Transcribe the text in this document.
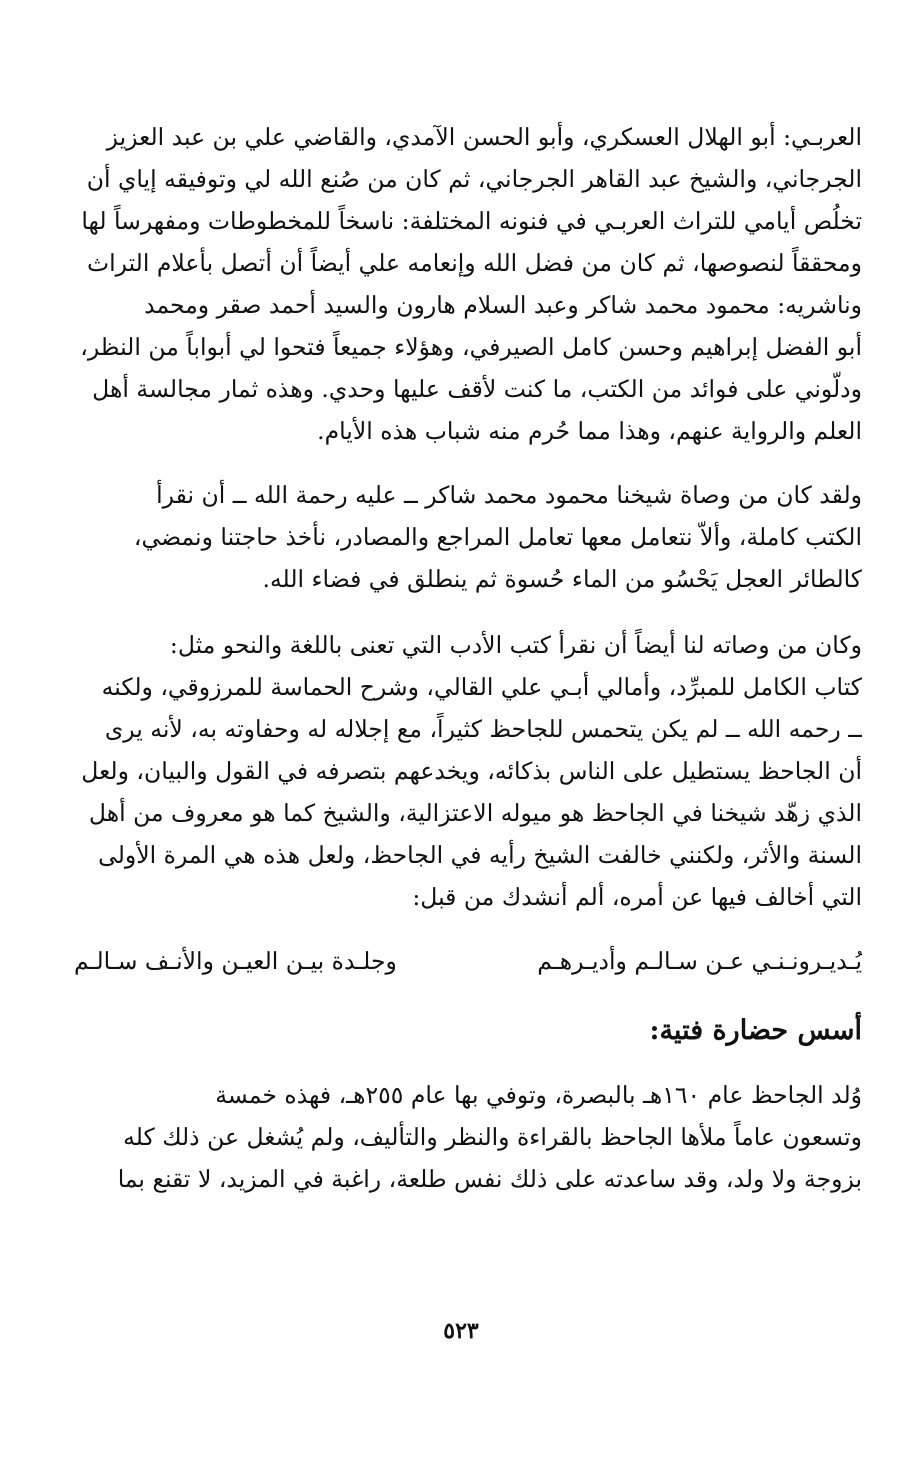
العربـي: أبو الهلال العسكري، وأبو الحسن الآمدي، والقاضي علي بن عبد العزيز
الجرجاني، والشيخ عبد القاهر الجرجاني، ثم كان من صُنع الله لي وتوفيقه إياي أن
تخلُص أيامي للتراث العربـي في فنونه المختلفة: ناسخاً للمخطوطات ومفهرساً لها
ومحققاً لنصوصها، ثم كان من فضل الله وإنعامه علي أيضاً أن أتصل بأعلام التراث
وناشريه: محمود محمد شاكر وعبد السلام هارون والسيد أحمد صقر ومحمد
أبو الفضل إبراهيم وحسن كامل الصيرفي، وهؤلاء جميعاً فتحوا لي أبواباً من النظر،
ودلّوني على فوائد من الكتب، ما كنت لأقف عليها وحدي. وهذه ثمار مجالسة أهل
العلم والرواية عنهم، وهذا مما حُرم منه شباب هذه الأيام.

ولقد كان من وصاة شيخنا محمود محمد شاكر ــ عليه رحمة الله ــ أن نقرأ
الكتب كاملة، وألاّ نتعامل معها تعامل المراجع والمصادر، نأخذ حاجتنا ونمضي،
كالطائر العجل يَحْسُو من الماء حُسوة ثم ينطلق في فضاء الله.

وكان من وصاته لنا أيضاً أن نقرأ كتب الأدب التي تعنى باللغة والنحو مثل:
كتاب الكامل للمبرِّد، وأمالي أبـي علي القالي، وشرح الحماسة للمرزوقي، ولكنه
ــ رحمه الله ــ لم يكن يتحمس للجاحظ كثيراً، مع إجلاله له وحفاوته به، لأنه يرى
أن الجاحظ يستطيل على الناس بذكائه، ويخدعهم بتصرفه في القول والبيان، ولعل
الذي زهّد شيخنا في الجاحظ هو ميوله الاعتزالية، والشيخ كما هو معروف من أهل
السنة والأثر، ولكنني خالفت الشيخ رأيه في الجاحظ، ولعل هذه هي المرة الأولى
التي أخالف فيها عن أمره، ألم أنشدك من قبل:

يُـديـرونـنـي عـن سـالـم وأديـرهـم
وجلـدة بيـن العيـن والأنـف سـالـم
أسس حضارة فتية:

وُلد الجاحظ عام ١٦٠هـ بالبصرة، وتوفي بها عام ٢٥٥هـ، فهذه خمسة
وتسعون عاماً ملأها الجاحظ بالقراءة والنظر والتأليف، ولم يُشغل عن ذلك كله
بزوجة ولا ولد، وقد ساعدته على ذلك نفس طلعة، راغبة في المزيد، لا تقنع بما

٥٢٣
